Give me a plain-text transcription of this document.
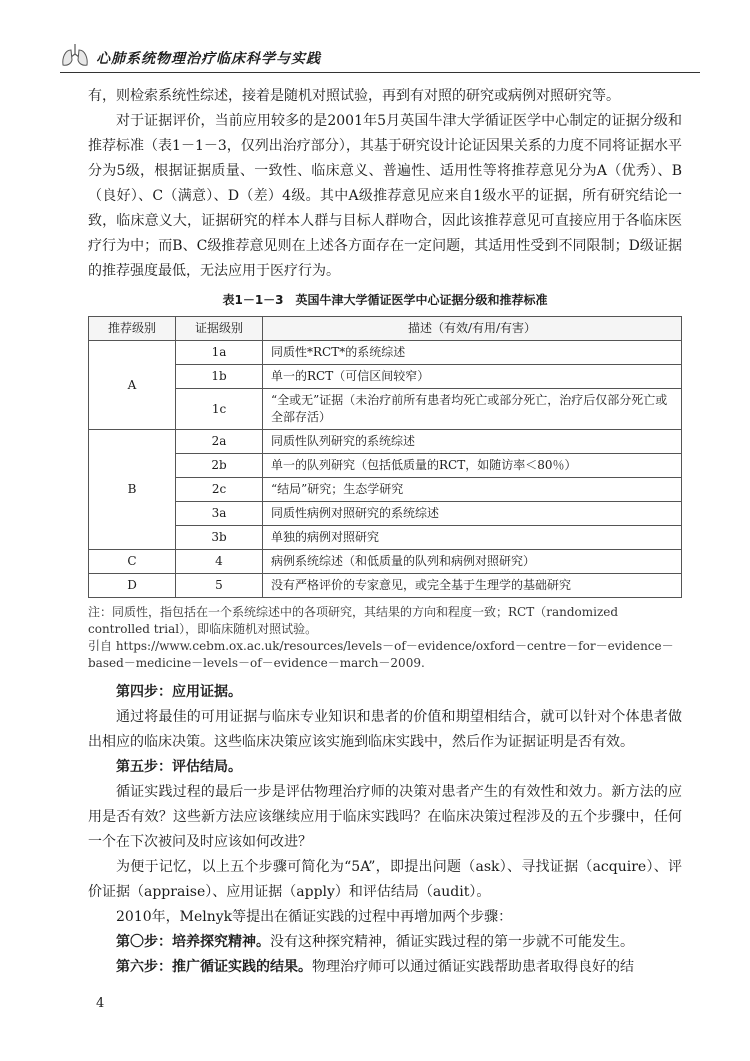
心肺系统物理治疗临床科学与实践

有，则检索系统性综述，接着是随机对照试验，再到有对照的研究或病例对照研究等。

对于证据评价，当前应用较多的是2001年5月英国牛津大学循证医学中心制定的证据分级和推荐标准（表1－1－3，仅列出治疗部分），其基于研究设计论证因果关系的力度不同将证据水平分为5级，根据证据质量、一致性、临床意义、普遍性、适用性等将推荐意见分为A（优秀）、B（良好）、C（满意）、D（差）4级。其中A级推荐意见应来自1级水平的证据，所有研究结论一致，临床意义大，证据研究的样本人群与目标人群吻合，因此该推荐意见可直接应用于各临床医疗行为中；而B、C级推荐意见则在上述各方面存在一定问题，其适用性受到不同限制；D级证据的推荐强度最低，无法应用于医疗行为。

表1－1－3　英国牛津大学循证医学中心证据分级和推荐标准
推荐级别	证据级别	描述（有效/有用/有害）
A	1a	同质性*RCT*的系统综述
	1b	单一的RCT（可信区间较窄）
	1c	“全或无”证据（未治疗前所有患者均死亡或部分死亡，治疗后仅部分死亡或全部存活）
B	2a	同质性队列研究的系统综述
	2b	单一的队列研究（包括低质量的RCT，如随访率＜80％）
	2c	“结局”研究；生态学研究
	3a	同质性病例对照研究的系统综述
	3b	单独的病例对照研究
C	4	病例系统综述（和低质量的队列和病例对照研究）
D	5	没有严格评价的专家意见，或完全基于生理学的基础研究

注：同质性，指包括在一个系统综述中的各项研究，其结果的方向和程度一致；RCT（randomized controlled trial），即临床随机对照试验。

引自 https://www.cebm.ox.ac.uk/resources/levels－of－evidence/oxford－centre－for－evidence－based－medicine－levels－of－evidence－march－2009.

第四步：应用证据。

通过将最佳的可用证据与临床专业知识和患者的价值和期望相结合，就可以针对个体患者做出相应的临床决策。这些临床决策应该实施到临床实践中，然后作为证据证明是否有效。

第五步：评估结局。

循证实践过程的最后一步是评估物理治疗师的决策对患者产生的有效性和效力。新方法的应用是否有效？这些新方法应该继续应用于临床实践吗？在临床决策过程涉及的五个步骤中，任何一个在下次被问及时应该如何改进？

为便于记忆，以上五个步骤可简化为“5A”，即提出问题（ask）、寻找证据（acquire）、评价证据（appraise）、应用证据（apply）和评估结局（audit）。

2010年，Melnyk等提出在循证实践的过程中再增加两个步骤：

第〇步：培养探究精神。没有这种探究精神，循证实践过程的第一步就不可能发生。

第六步：推广循证实践的结果。物理治疗师可以通过循证实践帮助患者取得良好的结

4
